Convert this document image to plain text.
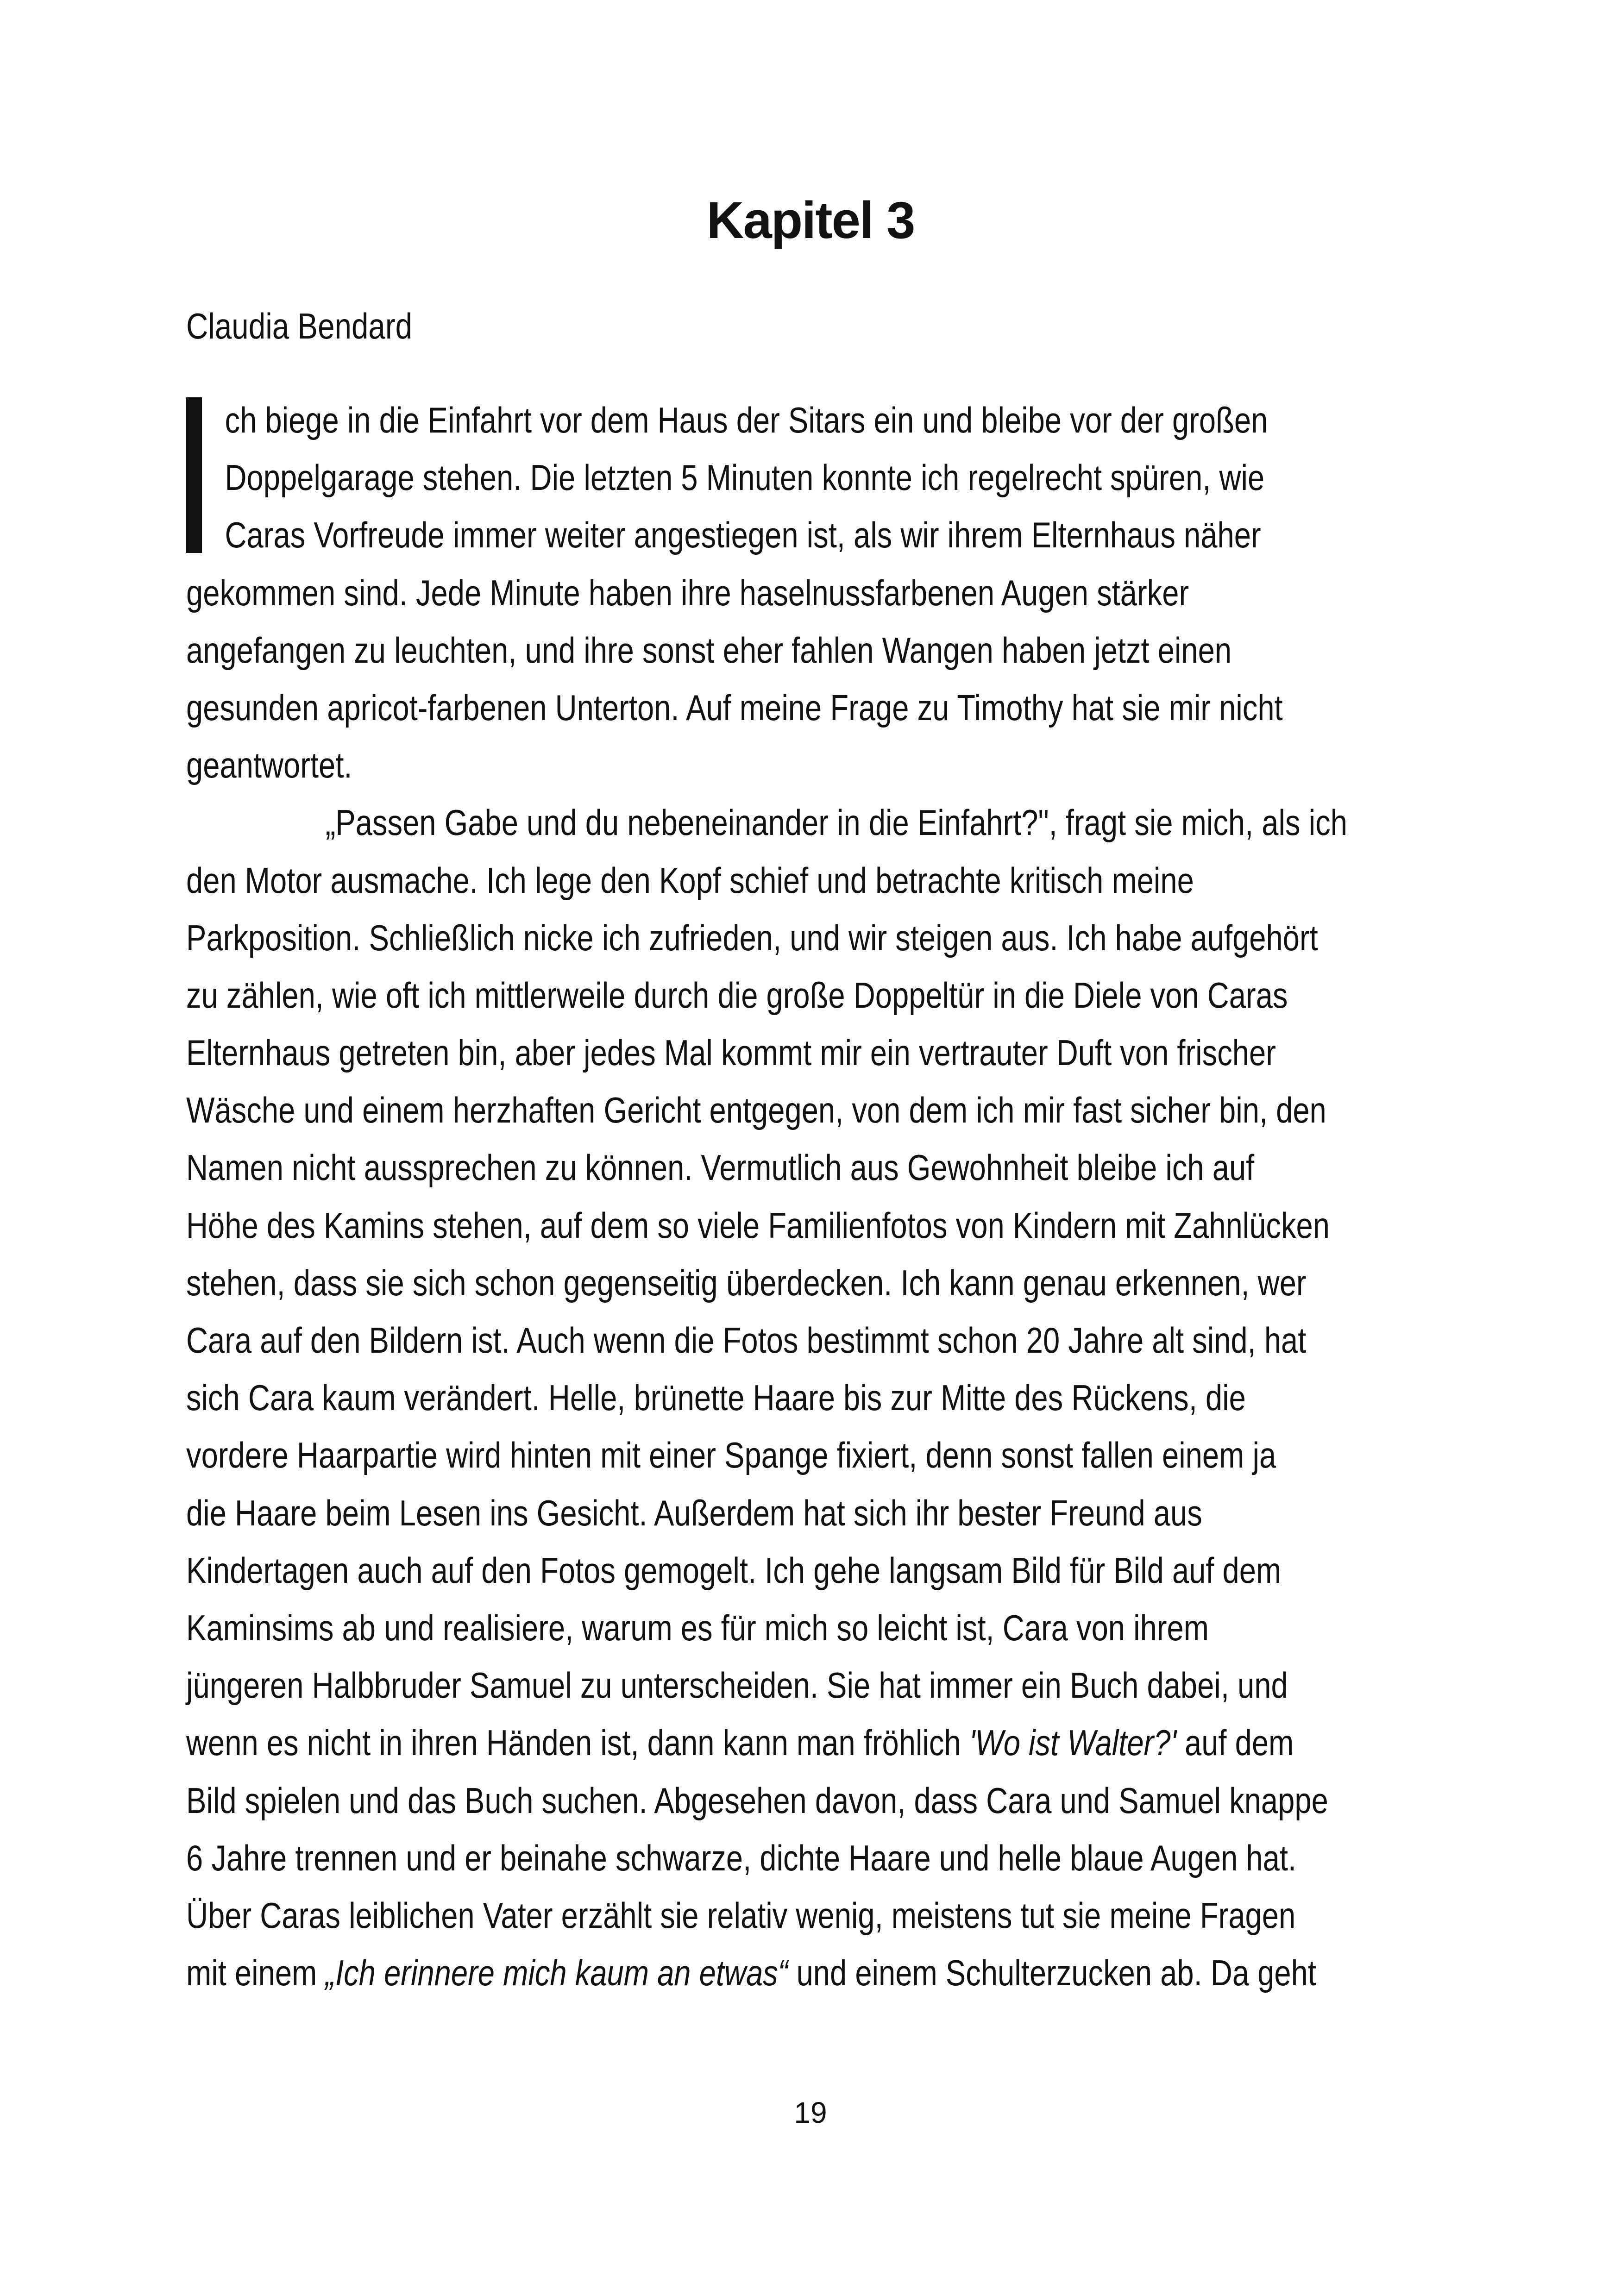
Kapitel 3
Claudia Bendard
ch biege in die Einfahrt vor dem Haus der Sitars ein und bleibe vor der großen
Doppelgarage stehen. Die letzten 5 Minuten konnte ich regelrecht spüren, wie
Caras Vorfreude immer weiter angestiegen ist, als wir ihrem Elternhaus näher
gekommen sind. Jede Minute haben ihre haselnussfarbenen Augen stärker
angefangen zu leuchten, und ihre sonst eher fahlen Wangen haben jetzt einen
gesunden apricot-farbenen Unterton. Auf meine Frage zu Timothy hat sie mir nicht
geantwortet.
„Passen Gabe und du nebeneinander in die Einfahrt?", fragt sie mich, als ich
den Motor ausmache. Ich lege den Kopf schief und betrachte kritisch meine
Parkposition. Schließlich nicke ich zufrieden, und wir steigen aus. Ich habe aufgehört
zu zählen, wie oft ich mittlerweile durch die große Doppeltür in die Diele von Caras
Elternhaus getreten bin, aber jedes Mal kommt mir ein vertrauter Duft von frischer
Wäsche und einem herzhaften Gericht entgegen, von dem ich mir fast sicher bin, den
Namen nicht aussprechen zu können. Vermutlich aus Gewohnheit bleibe ich auf
Höhe des Kamins stehen, auf dem so viele Familienfotos von Kindern mit Zahnlücken
stehen, dass sie sich schon gegenseitig überdecken. Ich kann genau erkennen, wer
Cara auf den Bildern ist. Auch wenn die Fotos bestimmt schon 20 Jahre alt sind, hat
sich Cara kaum verändert. Helle, brünette Haare bis zur Mitte des Rückens, die
vordere Haarpartie wird hinten mit einer Spange fixiert, denn sonst fallen einem ja
die Haare beim Lesen ins Gesicht. Außerdem hat sich ihr bester Freund aus
Kindertagen auch auf den Fotos gemogelt. Ich gehe langsam Bild für Bild auf dem
Kaminsims ab und realisiere, warum es für mich so leicht ist, Cara von ihrem
jüngeren Halbbruder Samuel zu unterscheiden. Sie hat immer ein Buch dabei, und
wenn es nicht in ihren Händen ist, dann kann man fröhlich 'Wo ist Walter?' auf dem
Bild spielen und das Buch suchen. Abgesehen davon, dass Cara und Samuel knappe
6 Jahre trennen und er beinahe schwarze, dichte Haare und helle blaue Augen hat.
Über Caras leiblichen Vater erzählt sie relativ wenig, meistens tut sie meine Fragen
mit einem „Ich erinnere mich kaum an etwas“ und einem Schulterzucken ab. Da geht
19
